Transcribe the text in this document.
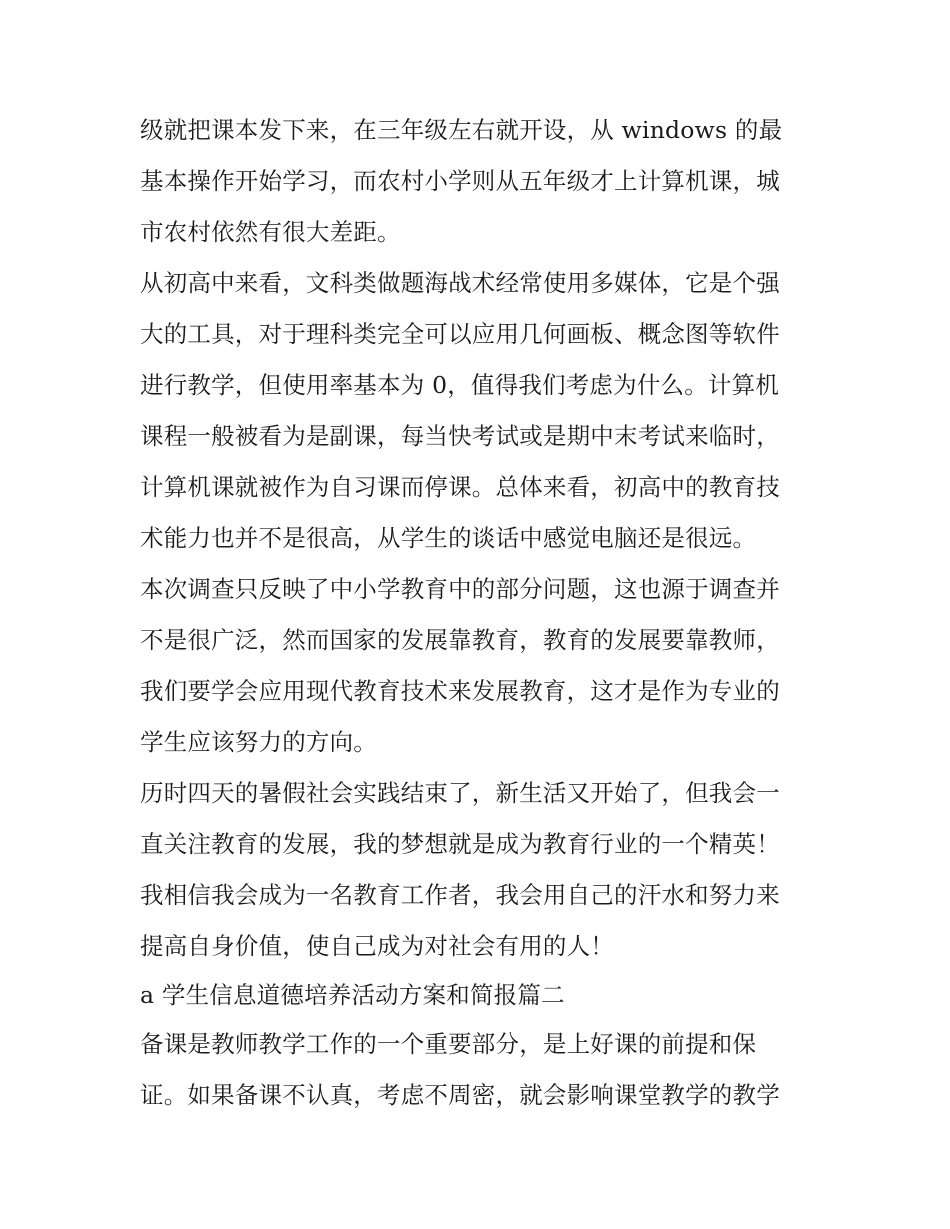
级就把课本发下来，在三年级左右就开设，从 windows 的最
基本操作开始学习，而农村小学则从五年级才上计算机课，城
市农村依然有很大差距。
从初高中来看，文科类做题海战术经常使用多媒体，它是个强
大的工具，对于理科类完全可以应用几何画板、概念图等软件
进行教学，但使用率基本为 0，值得我们考虑为什么。计算机
课程一般被看为是副课，每当快考试或是期中末考试来临时，
计算机课就被作为自习课而停课。总体来看，初高中的教育技
术能力也并不是很高，从学生的谈话中感觉电脑还是很远。
本次调查只反映了中小学教育中的部分问题，这也源于调查并
不是很广泛，然而国家的发展靠教育，教育的发展要靠教师，
我们要学会应用现代教育技术来发展教育，这才是作为专业的
学生应该努力的方向。
历时四天的暑假社会实践结束了，新生活又开始了，但我会一
直关注教育的发展，我的梦想就是成为教育行业的一个精英！
我相信我会成为一名教育工作者，我会用自己的汗水和努力来
提高自身价值，使自己成为对社会有用的人！
a 学生信息道德培养活动方案和简报篇二
备课是教师教学工作的一个重要部分，是上好课的前提和保
证。如果备课不认真，考虑不周密，就会影响课堂教学的教学
